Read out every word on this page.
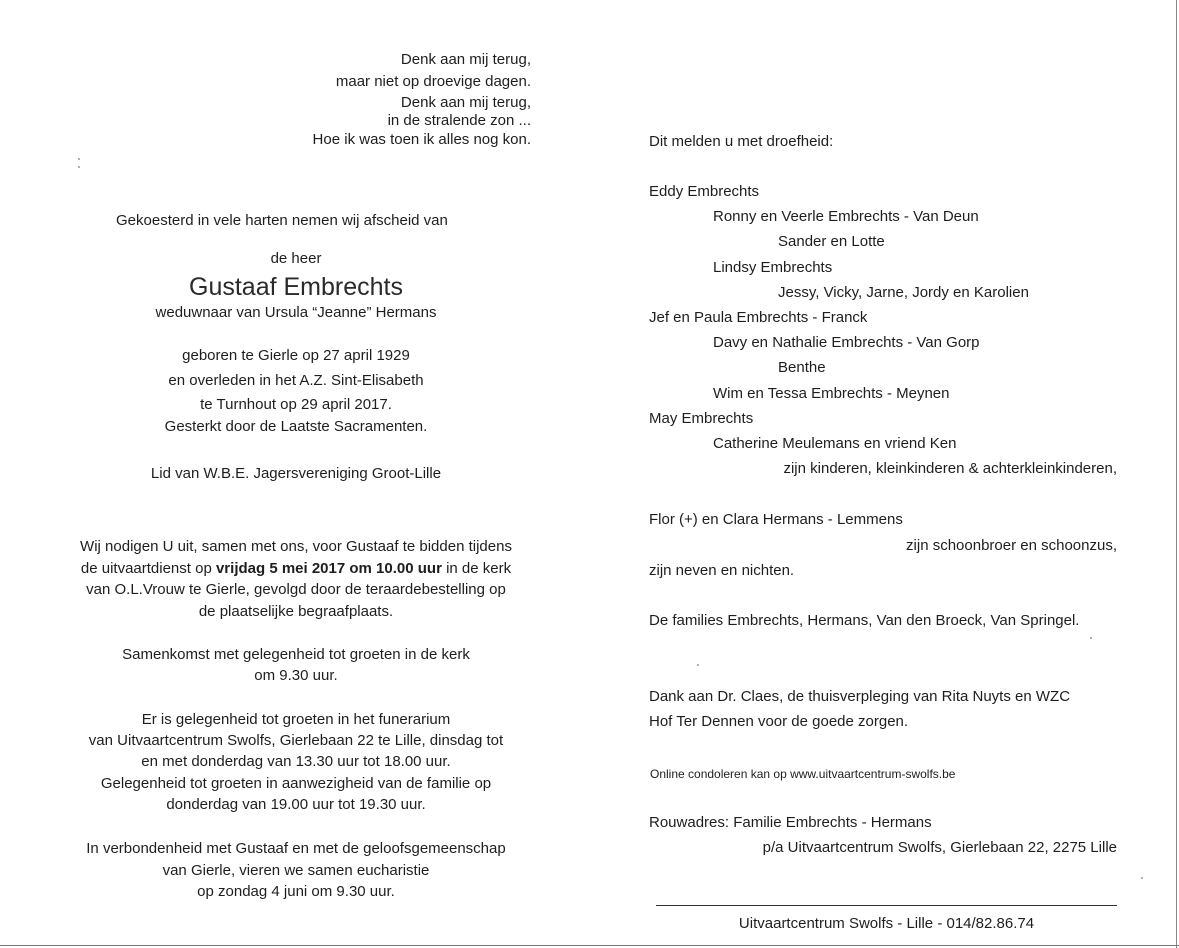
Denk aan mij terug,
maar niet op droevige dagen.
Denk aan mij terug,
in de stralende zon ...
Hoe ik was toen ik alles nog kon.
Gekoesterd in vele harten nemen wij afscheid van
de heer
Gustaaf Embrechts
weduwnaar van Ursula “Jeanne” Hermans
geboren te Gierle op 27 april 1929
en overleden in het A.Z. Sint-Elisabeth
te Turnhout op 29 april 2017.
Gesterkt door de Laatste Sacramenten.
Lid van W.B.E. Jagersvereniging Groot-Lille
Wij nodigen U uit, samen met ons, voor Gustaaf te bidden tijdens
de uitvaartdienst op vrijdag 5 mei 2017 om 10.00 uur in de kerk
van O.L.Vrouw te Gierle, gevolgd door de teraardebestelling op
de plaatselijke begraafplaats.
Samenkomst met gelegenheid tot groeten in de kerk
om 9.30 uur.
Er is gelegenheid tot groeten in het funerarium
van Uitvaartcentrum Swolfs, Gierlebaan 22 te Lille, dinsdag tot
en met donderdag van 13.30 uur tot 18.00 uur.
Gelegenheid tot groeten in aanwezigheid van de familie op
donderdag van 19.00 uur tot 19.30 uur.
In verbondenheid met Gustaaf en met de geloofsgemeenschap
van Gierle, vieren we samen eucharistie
op zondag 4 juni om 9.30 uur.
Dit melden u met droefheid:
Eddy Embrechts
Ronny en Veerle Embrechts - Van Deun
Sander en Lotte
Lindsy Embrechts
Jessy, Vicky, Jarne, Jordy en Karolien
Jef en Paula Embrechts - Franck
Davy en Nathalie Embrechts - Van Gorp
Benthe
Wim en Tessa Embrechts - Meynen
May Embrechts
Catherine Meulemans en vriend Ken
zijn kinderen, kleinkinderen & achterkleinkinderen,
Flor (+) en Clara Hermans - Lemmens
zijn schoonbroer en schoonzus,
zijn neven en nichten.
De families Embrechts, Hermans, Van den Broeck, Van Springel.
Dank aan Dr. Claes, de thuisverpleging van Rita Nuyts en WZC
Hof Ter Dennen voor de goede zorgen.
Online condoleren kan op www.uitvaartcentrum-swolfs.be
Rouwadres: Familie Embrechts - Hermans
p/a Uitvaartcentrum Swolfs, Gierlebaan 22, 2275 Lille
Uitvaartcentrum Swolfs - Lille - 014/82.86.74
